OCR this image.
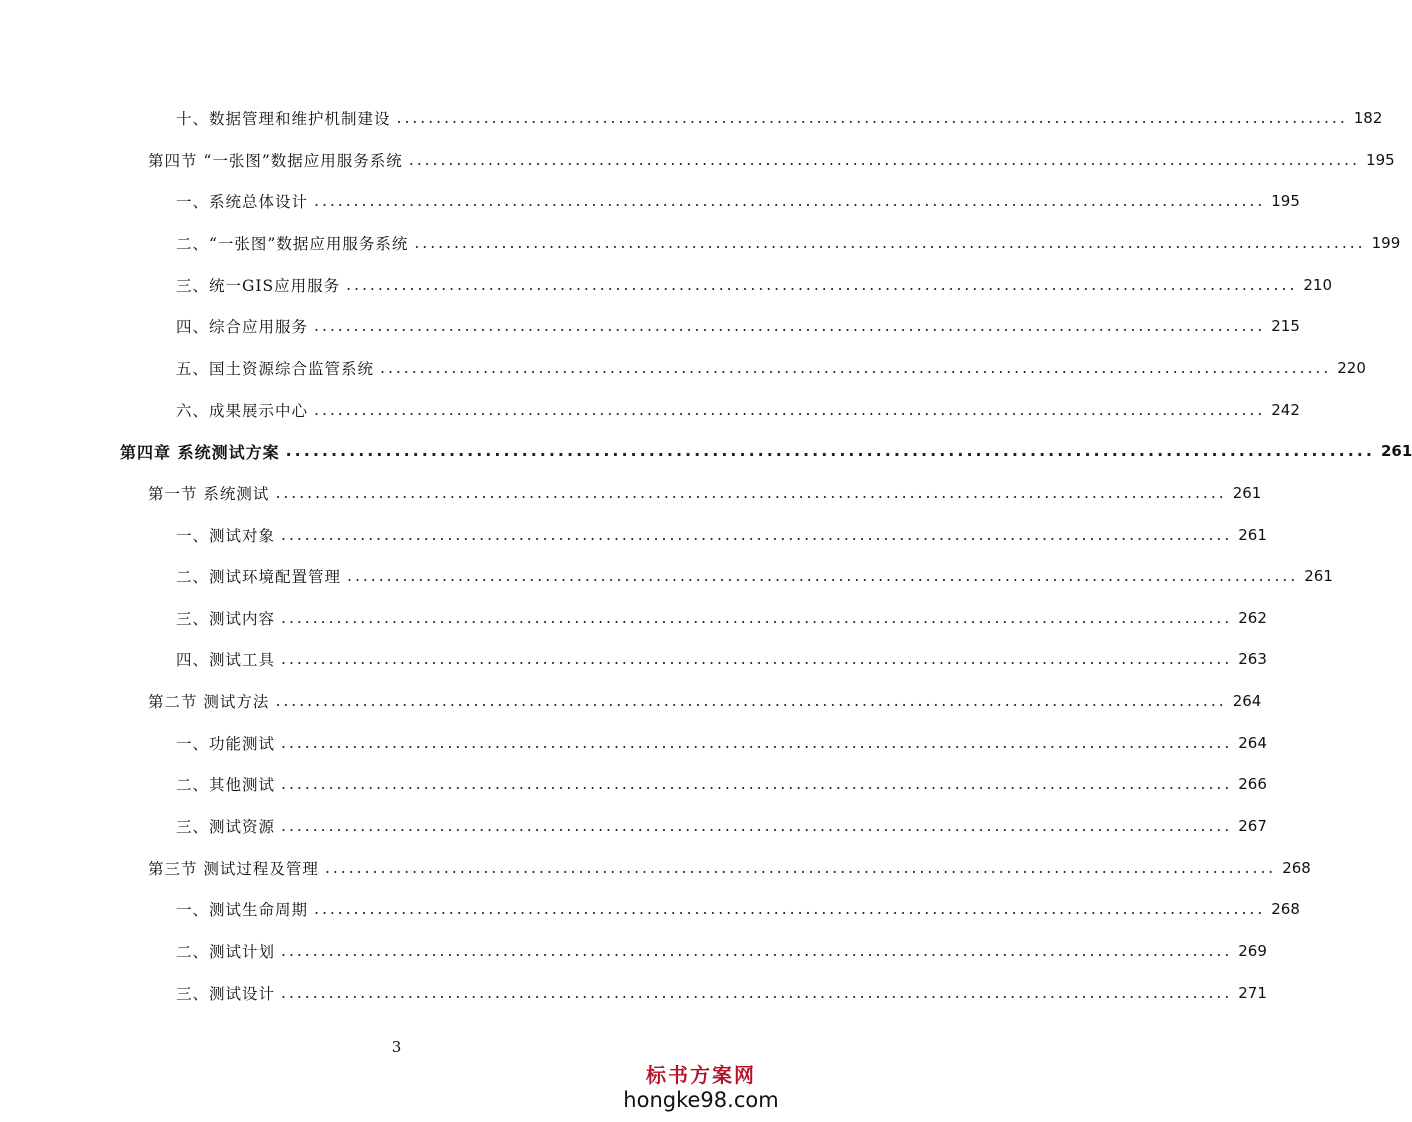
十、数据管理和维护机制建设 ........................................................................................................................ 182
第四节 “一张图”数据应用服务系统 ........................................................................................................................ 195
一、系统总体设计 ........................................................................................................................ 195
二、“一张图”数据应用服务系统 ........................................................................................................................ 199
三、统一GIS应用服务 ........................................................................................................................ 210
四、综合应用服务 ........................................................................................................................ 215
五、国土资源综合监管系统 ........................................................................................................................ 220
六、成果展示中心 ........................................................................................................................ 242
第四章 系统测试方案 ........................................................................................................................ 261
第一节 系统测试 ........................................................................................................................ 261
一、测试对象 ........................................................................................................................ 261
二、测试环境配置管理 ........................................................................................................................ 261
三、测试内容 ........................................................................................................................ 262
四、测试工具 ........................................................................................................................ 263
第二节 测试方法 ........................................................................................................................ 264
一、功能测试 ........................................................................................................................ 264
二、其他测试 ........................................................................................................................ 266
三、测试资源 ........................................................................................................................ 267
第三节 测试过程及管理 ........................................................................................................................ 268
一、测试生命周期 ........................................................................................................................ 268
二、测试计划 ........................................................................................................................ 269
三、测试设计 ........................................................................................................................ 271
3
标书方案网
hongke98.com
